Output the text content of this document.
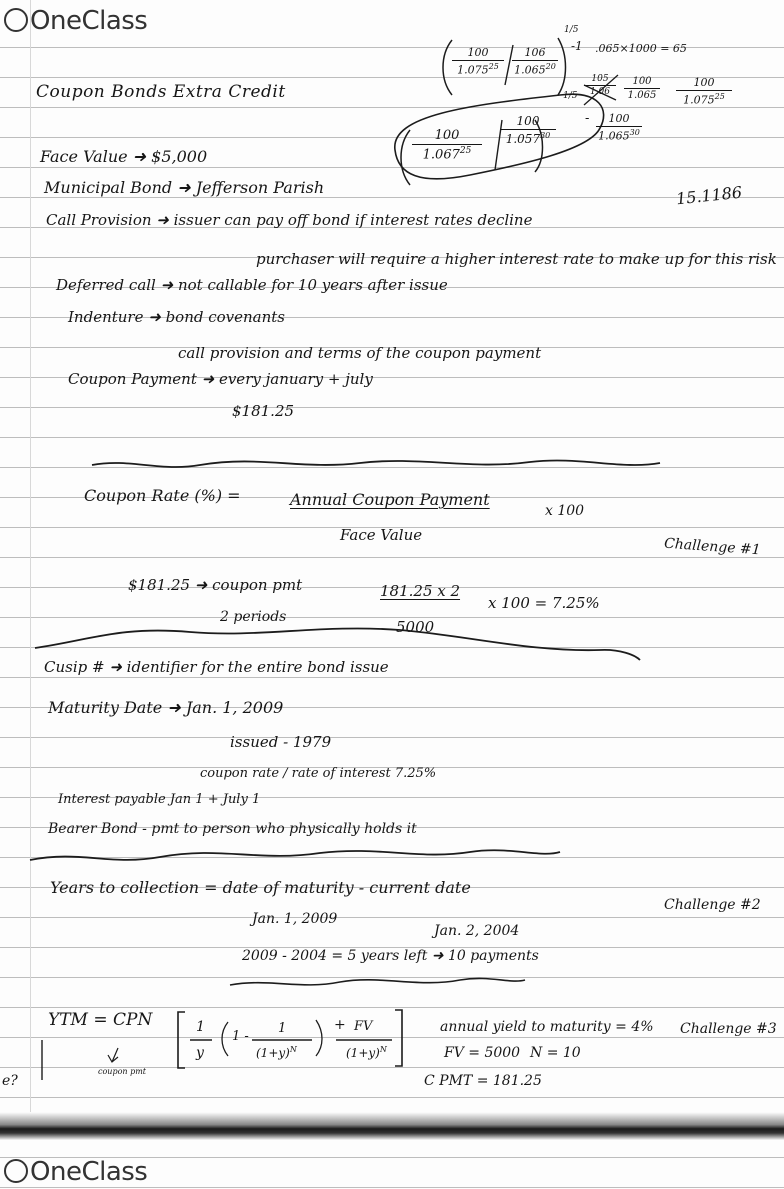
OneClass
OneClass
100
1.075$^{25}$
106
1.065$^{20}$
1/5
-1 .065×1000 = 65
105
1.06
100
1.065
100
1.075$^{25}$
100
1.067$^{25}$
100
1.057$^{30}$
1/5
-	100
1.065$^{30}$
15.1186
Coupon Bonds Extra Credit
Face Value ➜ $5,000
Municipal Bond ➜ Jefferson Parish
Call Provision ➜ issuer can pay off bond if interest rates decline
purchaser will require a higher interest rate to make up for this risk
Deferred call ➜ not callable for 10 years after issue
Indenture ➜ bond covenants
call provision and terms of the coupon payment
Coupon Payment ➜ every january + july
$181.25
Coupon Rate (%) =	Annual Coupon Payment
x 100
Face Value
Challenge #1
$181.25 ➜ coupon pmt
2 periods
181.25 x 2
x 100 = 7.25%
5000
Cusip # ➜ identifier for the entire bond issue
Maturity Date ➜ Jan. 1, 2009
issued - 1979
coupon rate / rate of interest 7.25%
Interest payable Jan 1 + July 1
Bearer Bond - pmt to person who physically holds it
Years to collection = date of maturity - current date
Challenge #2
Jan. 1, 2009
Jan. 2, 2004
2009 - 2004 = 5 years left ➜ 10 payments
YTM = CPN	1
y
1 -
1
$(1+y)^N$
+ FV
$(1+y)^N$
coupon pmt
annual yield to maturity = 4% Challenge #3
FV = 5000 N = 10
C PMT = 181.25
e?
